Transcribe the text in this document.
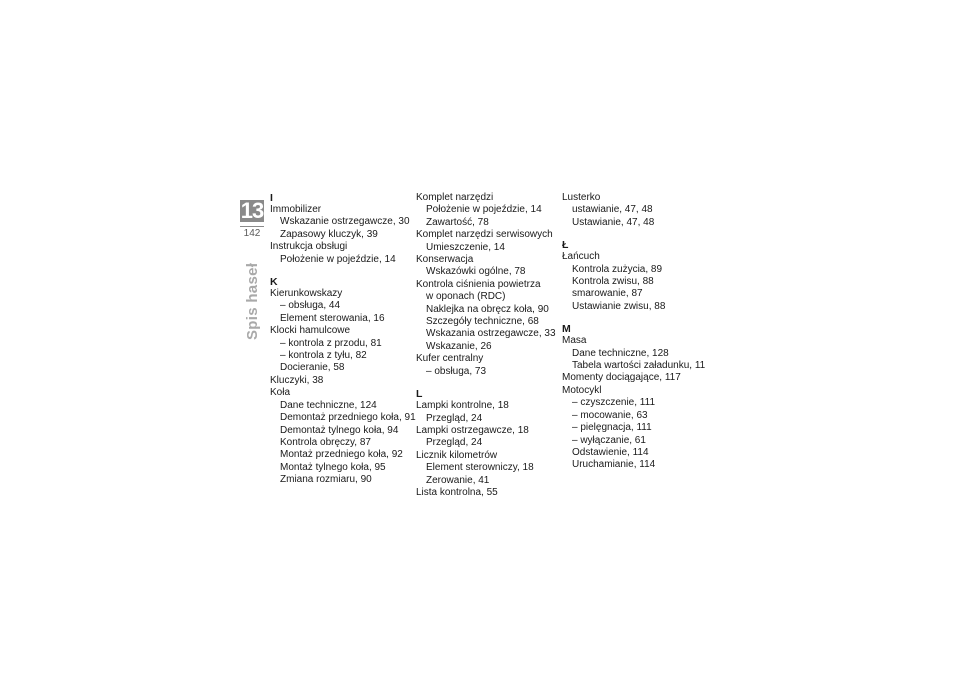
13
142
Spis haseł
I
Immobilizer
Wskazanie ostrzegawcze, 30
Zapasowy kluczyk, 39
Instrukcja obsługi
Położenie w pojeździe, 14
K
Kierunkowskazy
– obsługa, 44
Element sterowania, 16
Klocki hamulcowe
– kontrola z przodu, 81
– kontrola z tyłu, 82
Docieranie, 58
Kluczyki, 38
Koła
Dane techniczne, 124
Demontaż przedniego koła, 91
Demontaż tylnego koła, 94
Kontrola obręczy, 87
Montaż przedniego koła, 92
Montaż tylnego koła, 95
Zmiana rozmiaru, 90
Komplet narzędzi
Położenie w pojeździe, 14
Zawartość, 78
Komplet narzędzi serwisowych
Umieszczenie, 14
Konserwacja
Wskazówki ogólne, 78
Kontrola ciśnienia powietrza
w oponach (RDC)
Naklejka na obręcz koła, 90
Szczegóły techniczne, 68
Wskazania ostrzegawcze, 33
Wskazanie, 26
Kufer centralny
– obsługa, 73
L
Lampki kontrolne, 18
Przegląd, 24
Lampki ostrzegawcze, 18
Przegląd, 24
Licznik kilometrów
Element sterowniczy, 18
Zerowanie, 41
Lista kontrolna, 55
Lusterko
ustawianie, 47, 48
Ustawianie, 47, 48
Ł
Łańcuch
Kontrola zużycia, 89
Kontrola zwisu, 88
smarowanie, 87
Ustawianie zwisu, 88
M
Masa
Dane techniczne, 128
Tabela wartości załadunku, 11
Momenty dociągające, 117
Motocykl
– czyszczenie, 111
– mocowanie, 63
– pielęgnacja, 111
– wyłączanie, 61
Odstawienie, 114
Uruchamianie, 114
